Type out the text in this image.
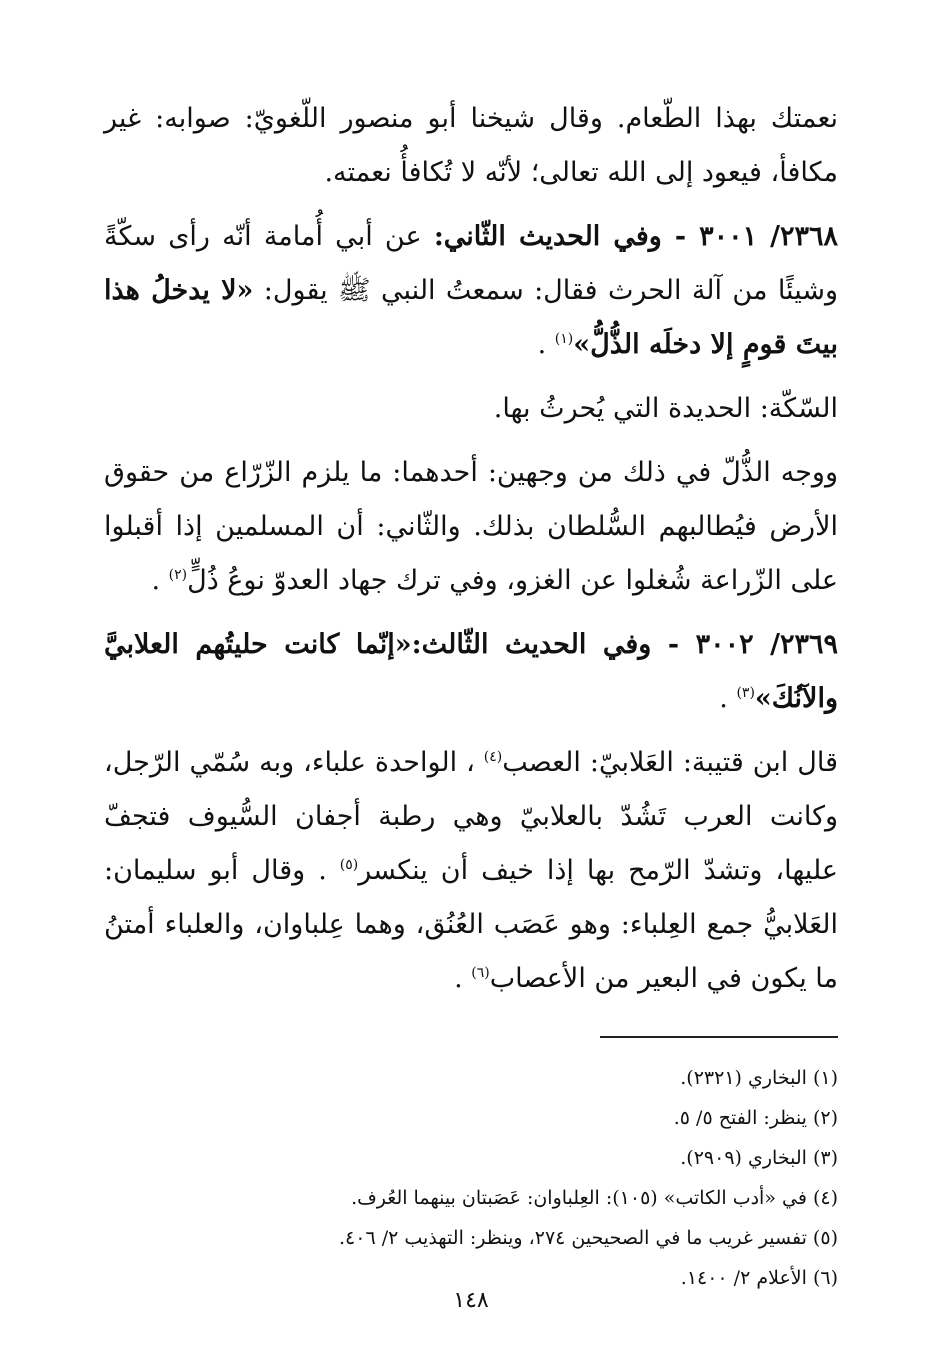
نعمتك بهذا الطّعام. وقال شيخنا أبو منصور اللّغويّ: صوابه: غير مكافأ، فيعود إلى الله تعالى؛ لأنّه لا تُكافأُ نعمته.

٢٣٦٨/ ٣٠٠١ - وفي الحديث الثّاني: عن أبي أُمامة أنّه رأى سكّةً وشيئًا من آلة الحرث فقال: سمعتُ النبي ﷺ يقول: «لا يدخلُ هذا بيتَ قومٍ إلا دخلَه الذُّلُّ»$^{(١)}$ .

السّكّة: الحديدة التي يُحرثُ بها.

ووجه الذُّلّ في ذلك من وجهين: أحدهما: ما يلزم الزّرّاع من حقوق الأرض فيُطالبهم السُّلطان بذلك. والثّاني: أن المسلمين إذا أقبلوا على الزّراعة شُغلوا عن الغزو، وفي ترك جهاد العدوّ نوعُ ذُلٍّ$^{(٢)}$ .

٢٣٦٩/ ٣٠٠٢ - وفي الحديث الثّالث:«إنّما كانت حليتُهم العلابيَّ والآنُكَ»$^{(٣)}$ .

قال ابن قتيبة: العَلابيّ: العصب$^{(٤)}$ ، الواحدة علباء، وبه سُمّي الرّجل، وكانت العرب تَشُدّ بالعلابيّ وهي رطبة أجفان السُّيوف فتجفّ عليها، وتشدّ الرّمح بها إذا خيف أن ينكسر$^{(٥)}$ . وقال أبو سليمان: العَلابيُّ جمع العِلباء: وهو عَصَب العُنُق، وهما عِلباوان، والعلباء أمتنُ ما يكون في البعير من الأعصاب$^{(٦)}$ .

(١) البخاري (٢٣٢١).
(٢) ينظر: الفتح ٥/ ٥.
(٣) البخاري (٢٩٠٩).
(٤) في «أدب الكاتب» (١٠٥): العِلباوان: عَصَبتان بينهما العُرف.
(٥) تفسير غريب ما في الصحيحين ٢٧٤، وينظر: التهذيب ٢/ ٤٠٦.
(٦) الأعلام ٢/ ١٤٠٠.
١٤٨
